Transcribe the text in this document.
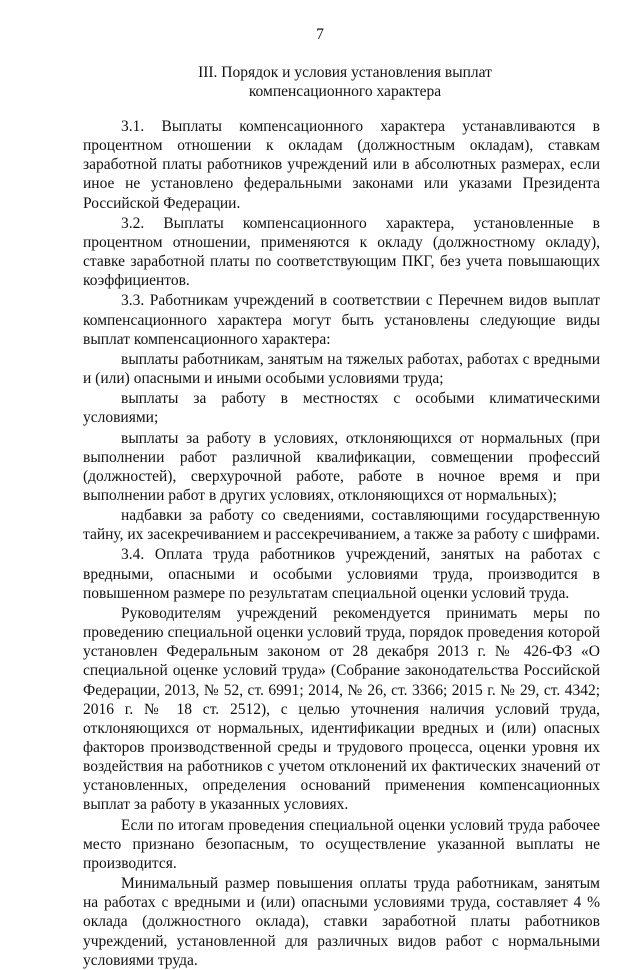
7
III. Порядок и условия установления выплат
компенсационного характера

3.1. Выплаты компенсационного характера устанавливаются в процентном отношении к окладам (должностным окладам), ставкам заработной платы работников учреждений или в абсолютных размерах, если иное не установлено федеральными законами или указами Президента Российской Федерации.

3.2. Выплаты компенсационного характера, установленные в процентном отношении, применяются к окладу (должностному окладу), ставке заработной платы по соответствующим ПКГ, без учета повышающих коэффициентов.

3.3. Работникам учреждений в соответствии с Перечнем видов выплат компенсационного характера могут быть установлены следующие виды выплат компенсационного характера:

выплаты работникам, занятым на тяжелых работах, работах с вредными и (или) опасными и иными особыми условиями труда;

выплаты за работу в местностях с особыми климатическими условиями;

выплаты за работу в условиях, отклоняющихся от нормальных (при выполнении работ различной квалификации, совмещении профессий (должностей), сверхурочной работе, работе в ночное время и при выполнении работ в других условиях, отклоняющихся от нормальных);

надбавки за работу со сведениями, составляющими государственную тайну, их засекречиванием и рассекречиванием, а также за работу с шифрами.

3.4. Оплата труда работников учреждений, занятых на работах с вредными, опасными и особыми условиями труда, производится в повышенном размере по результатам специальной оценки условий труда.

Руководителям учреждений рекомендуется принимать меры по проведению специальной оценки условий труда, порядок проведения которой установлен Федеральным законом от 28 декабря 2013 г. № 426-ФЗ «О специальной оценке условий труда» (Собрание законодательства Российской Федерации, 2013, № 52, ст. 6991; 2014, № 26, ст. 3366; 2015 г. № 29, ст. 4342; 2016 г. № 18 ст. 2512), с целью уточнения наличия условий труда, отклоняющихся от нормальных, идентификации вредных и (или) опасных факторов производственной среды и трудового процесса, оценки уровня их воздействия на работников с учетом отклонений их фактических значений от установленных, определения оснований применения компенсационных выплат за работу в указанных условиях.

Если по итогам проведения специальной оценки условий труда рабочее место признано безопасным, то осуществление указанной выплаты не производится.

Минимальный размер повышения оплаты труда работникам, занятым на работах с вредными и (или) опасными условиями труда, составляет 4 % оклада (должностного оклада), ставки заработной платы работников учреждений, установленной для различных видов работ с нормальными условиями труда.
